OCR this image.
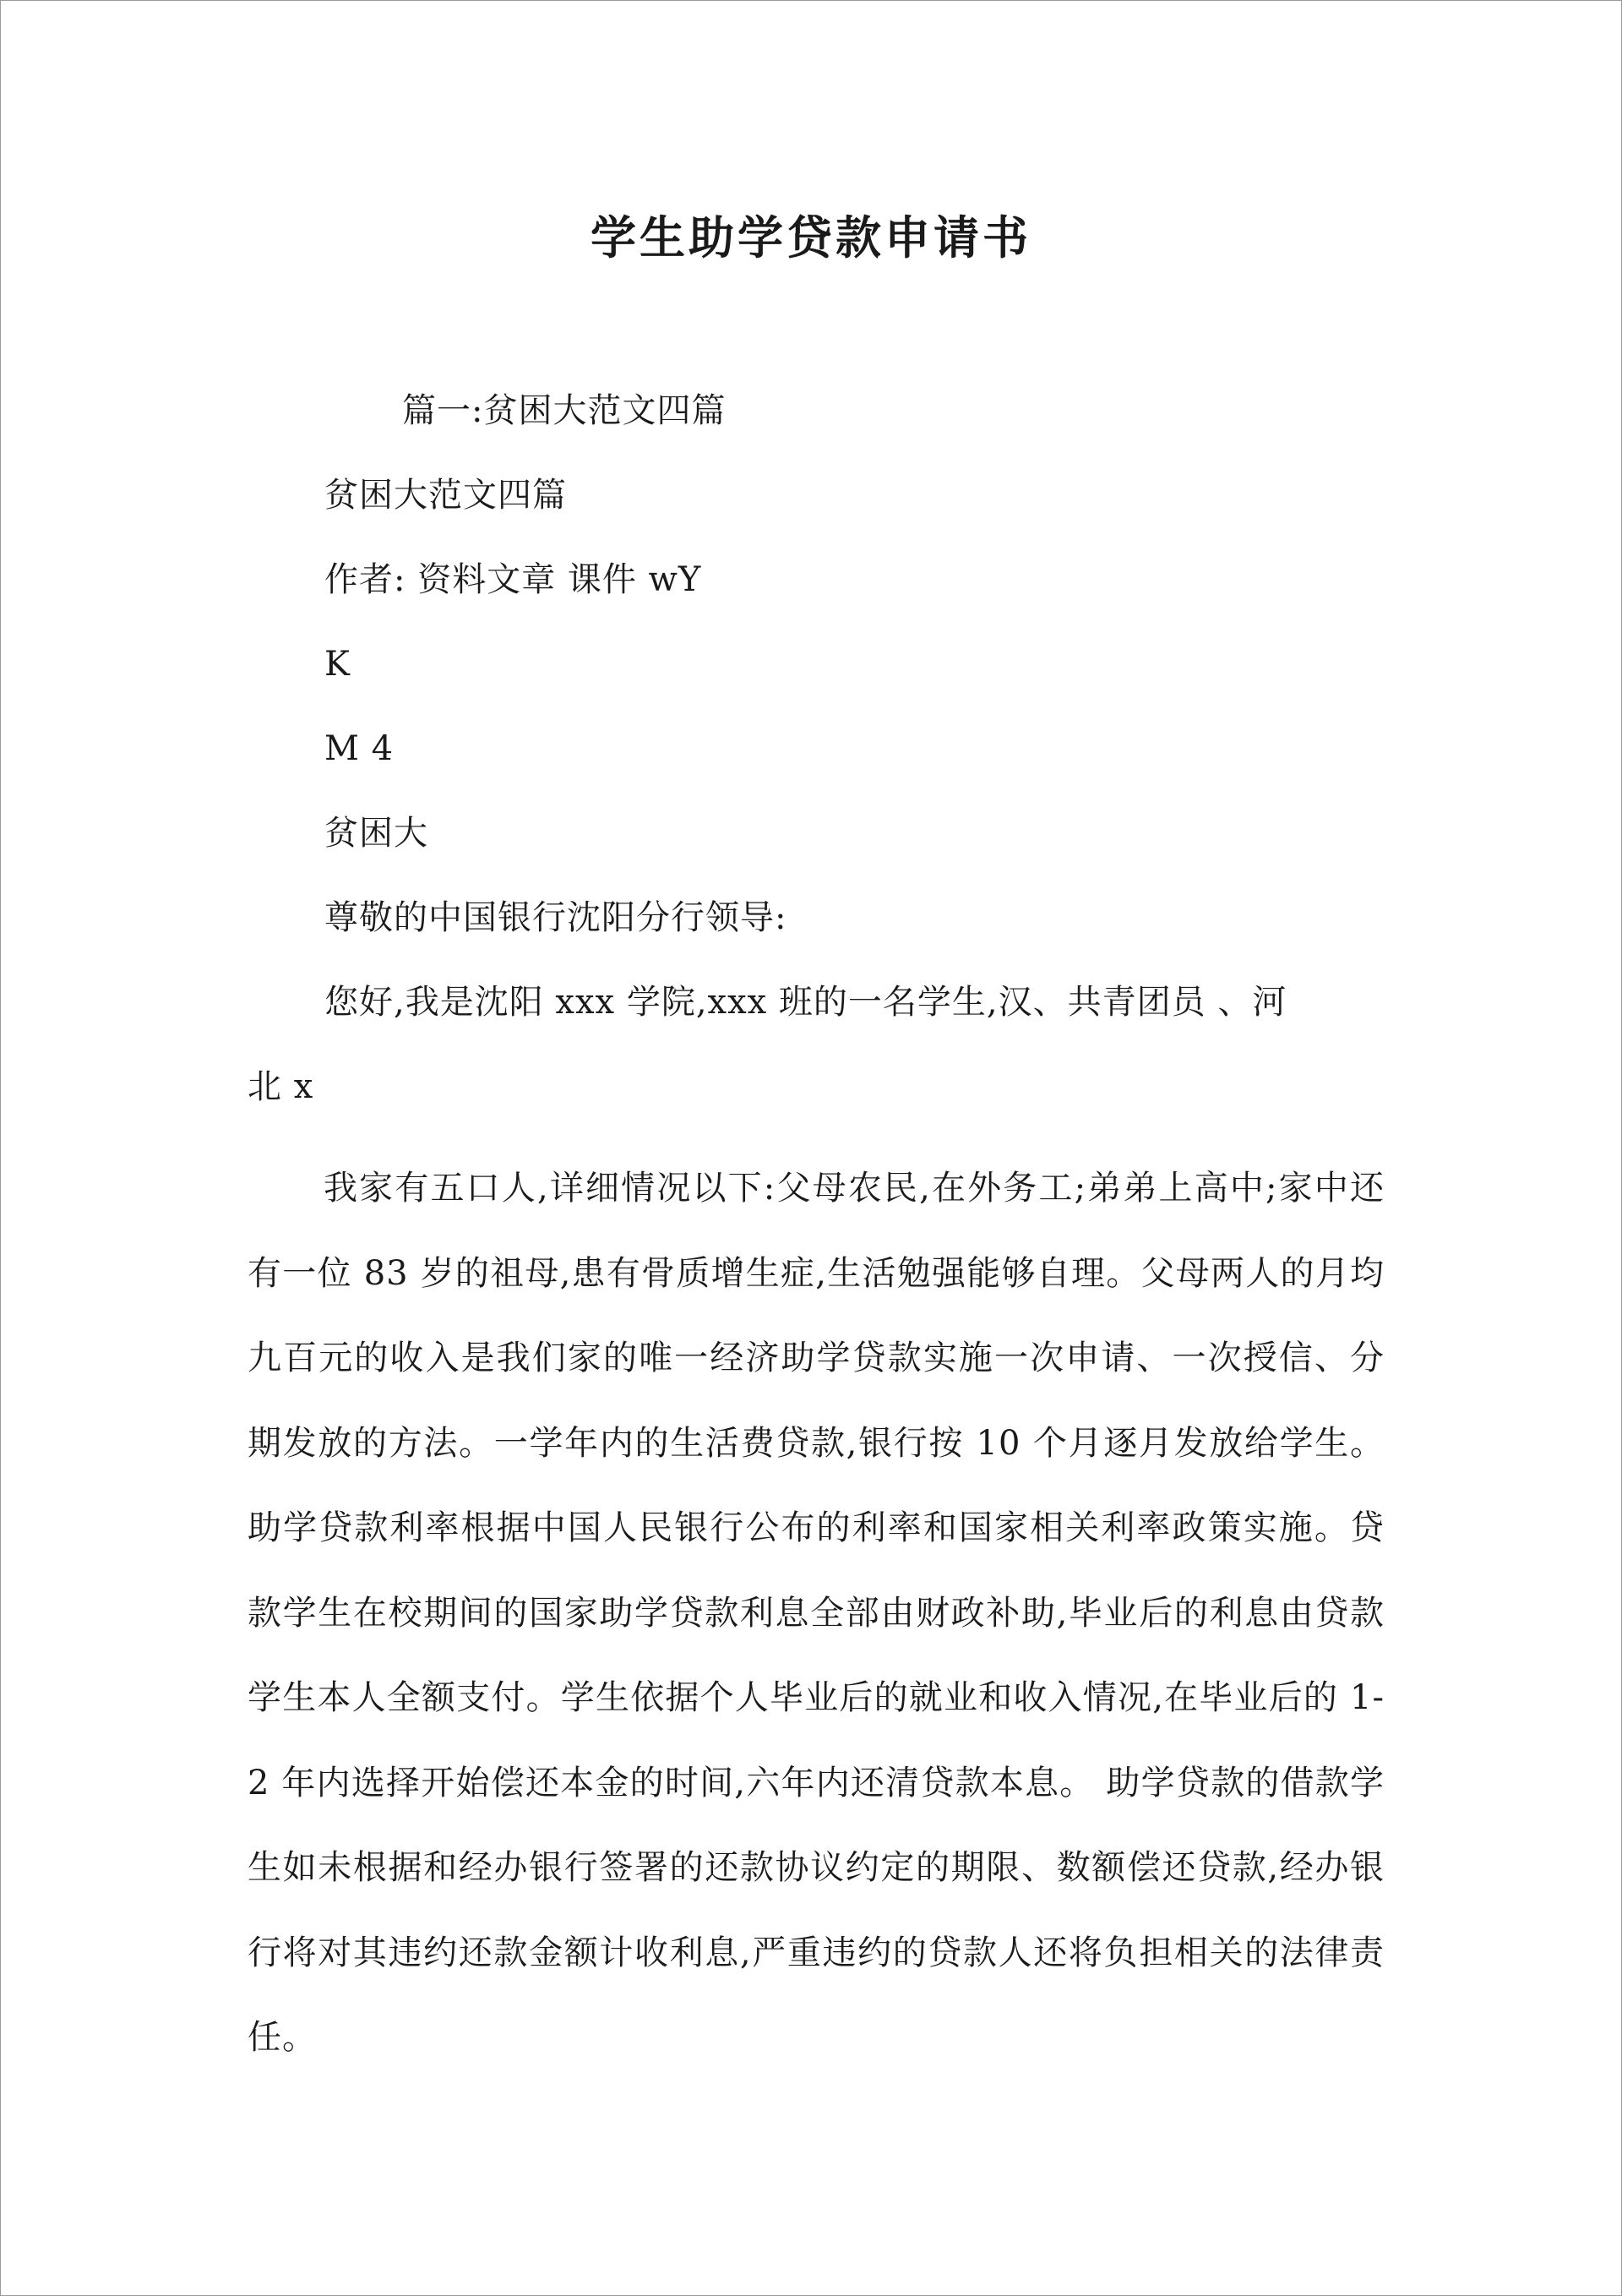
学生助学贷款申请书
篇一:贫困大范文四篇
贫困大范文四篇
作者: 资料文章 课件 wY
K
M 4
贫困大
尊敬的中国银行沈阳分行领导:
您好,我是沈阳 xxx 学院,xxx 班的一名学生,汉、共青团员 、河
北 x
我家有五口人,详细情况以下:父母农民,在外务工;弟弟上高中;家中还有一位 83 岁的祖母,患有骨质增生症,生活勉强能够自理。父母两人的月均九百元的收入是我们家的唯一经济助学贷款实施一次申请、一次授信、分期发放的方法。一学年内的生活费贷款,银行按 10 个月逐月发放给学生。助学贷款利率根据中国人民银行公布的利率和国家相关利率政策实施。贷款学生在校期间的国家助学贷款利息全部由财政补助,毕业后的利息由贷款学生本人全额支付。学生依据个人毕业后的就业和收入情况,在毕业后的 1-2 年内选择开始偿还本金的时间,六年内还清贷款本息。 助学贷款的借款学生如未根据和经办银行签署的还款协议约定的期限、数额偿还贷款,经办银行将对其违约还款金额计收利息,严重违约的贷款人还将负担相关的法律责任。
